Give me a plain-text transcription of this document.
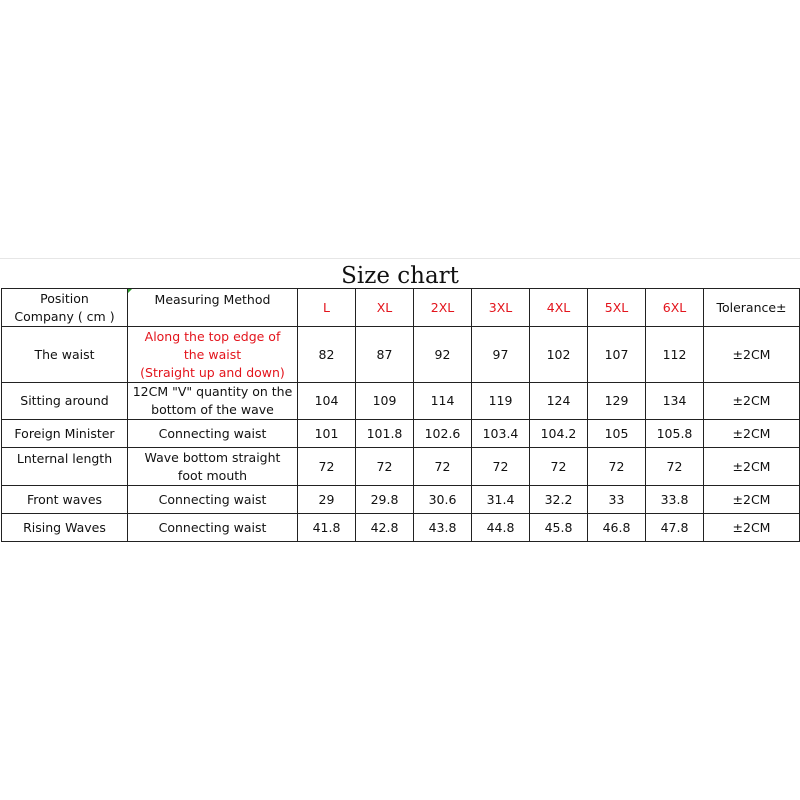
Size chart
Position
Company ( cm )	Measuring Method	L	XL	2XL	3XL	4XL	5XL	6XL	Tolerance±
The waist	Along the top edge of
the waist
(Straight up and down)	82	87	92	97	102	107	112	±2CM
Sitting around	12CM "V" quantity on the
bottom of the wave	104	109	114	119	124	129	134	±2CM
Foreign Minister	Connecting waist	101	101.8	102.6	103.4	104.2	105	105.8	±2CM
Lnternal length	Wave bottom straight
foot mouth	72	72	72	72	72	72	72	±2CM
Front waves	Connecting waist	29	29.8	30.6	31.4	32.2	33	33.8	±2CM
Rising Waves	Connecting waist	41.8	42.8	43.8	44.8	45.8	46.8	47.8	±2CM
